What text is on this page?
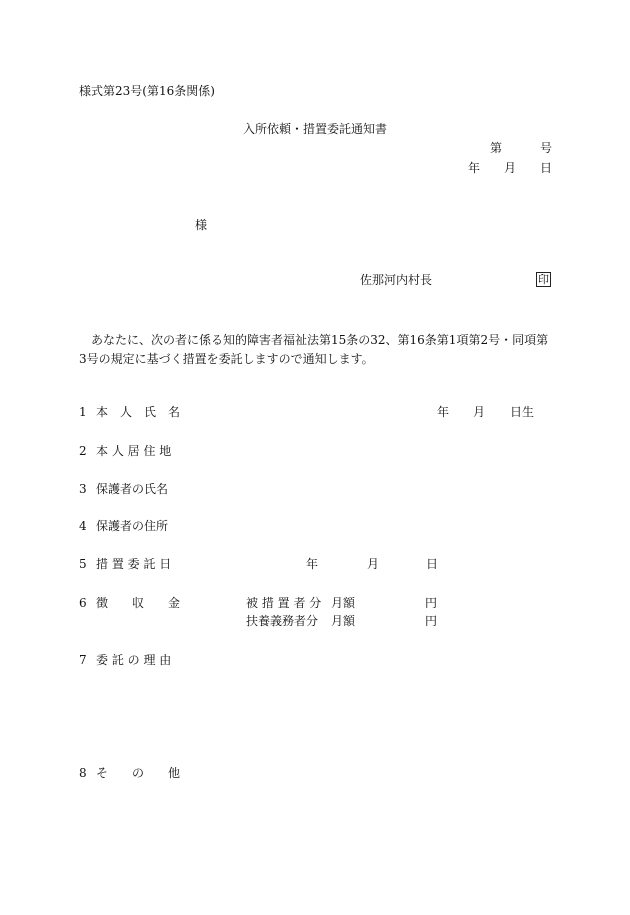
様式第23号(第16条関係)
入所依頼・措置委託通知書
第	号
年 月 日
様
佐那河内村長	印
あなたに、次の者に係る知的障害者福祉法第15条の32、第16条第1項第2号・同項第3号の規定に基づく措置を委託しますので通知します。
1 本　人　氏　名	年 月 日生
2 本 人 居 住 地
3 保護者の氏名
4 保護者の住所
5 措 置 委 託 日	年	月	日
6 徴　　収　　金	被 措 置 者 分 月額	円
扶養義務者分 月額	円
7 委 託 の 理 由
8 そ　　の　　他
